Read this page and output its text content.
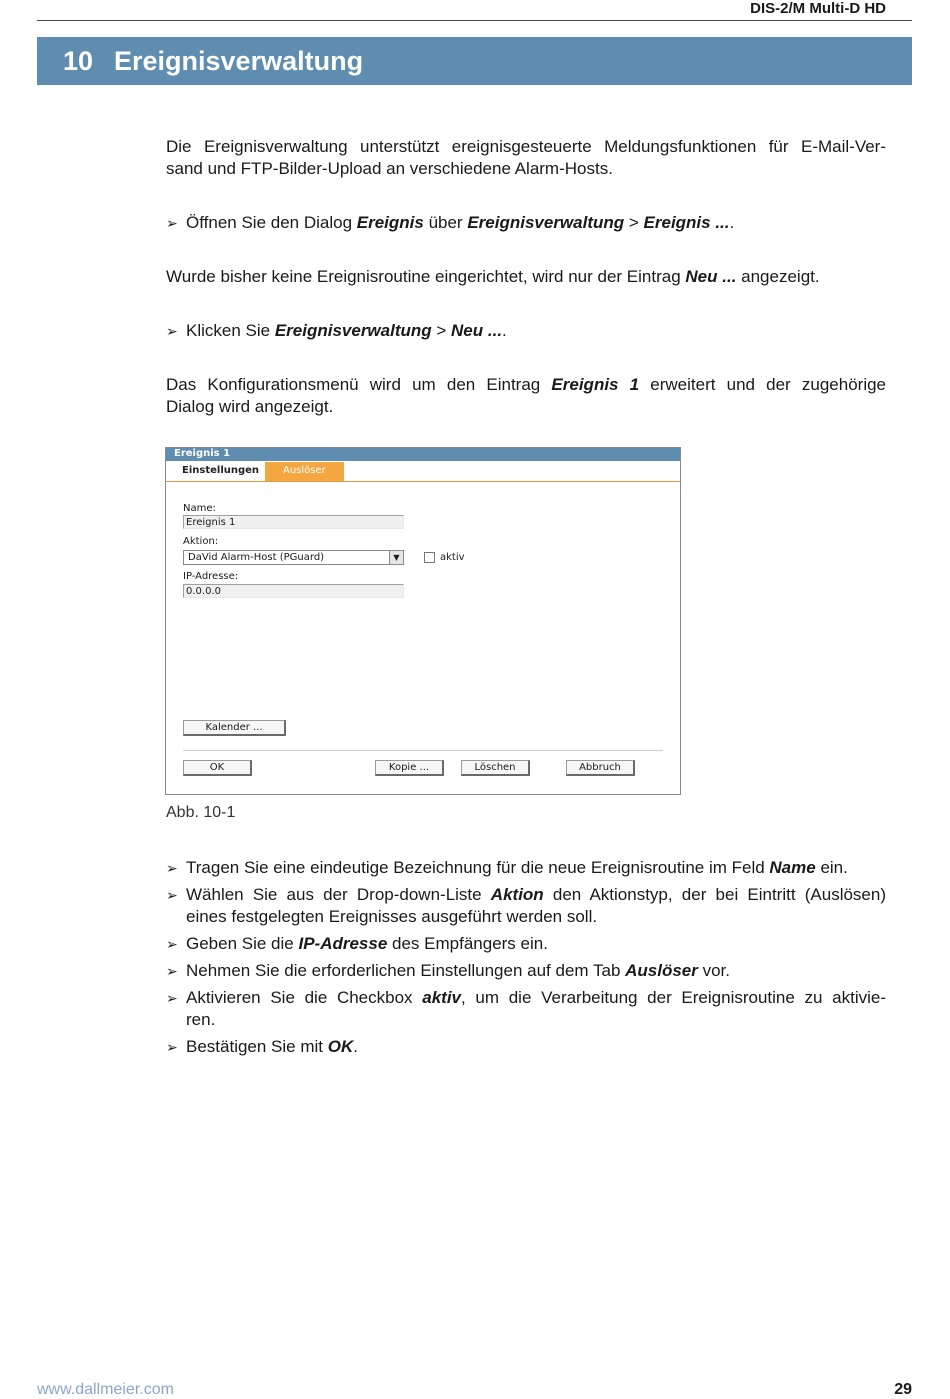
DIS-2/M Multi-D HD
10 Ereignisverwaltung
Die Ereignisverwaltung unterstützt ereignisgesteuerte Meldungsfunktionen für E-Mail-Ver-
sand und FTP-Bilder-Upload an verschiedene Alarm-Hosts.
➢ Öffnen Sie den Dialog Ereignis über Ereignisverwaltung > Ereignis ....
Wurde bisher keine Ereignisroutine eingerichtet, wird nur der Eintrag Neu ... angezeigt.
➢ Klicken Sie Ereignisverwaltung > Neu ....
Das Konfigurationsmenü wird um den Eintrag Ereignis 1 erweitert und der zugehörige
Dialog wird angezeigt.
Ereignis 1
Einstellungen Auslöser
Name:
Ereignis 1
Aktion:
DaVid Alarm-Host (PGuard)	▼	aktiv
IP-Adresse:
0.0.0.0
Kalender ...
OK	Kopie ...	Löschen	Abbruch
Abb. 10-1
➢ Tragen Sie eine eindeutige Bezeichnung für die neue Ereignisroutine im Feld Name ein.
➢ Wählen Sie aus der Drop-down-Liste Aktion den Aktionstyp, der bei Eintritt (Auslösen)
eines festgelegten Ereignisses ausgeführt werden soll.
➢ Geben Sie die IP-Adresse des Empfängers ein.
➢ Nehmen Sie die erforderlichen Einstellungen auf dem Tab Auslöser vor.
➢ Aktivieren Sie die Checkbox aktiv, um die Verarbeitung der Ereignisroutine zu aktivie-
ren.
➢ Bestätigen Sie mit OK.
www.dallmeier.com	29
